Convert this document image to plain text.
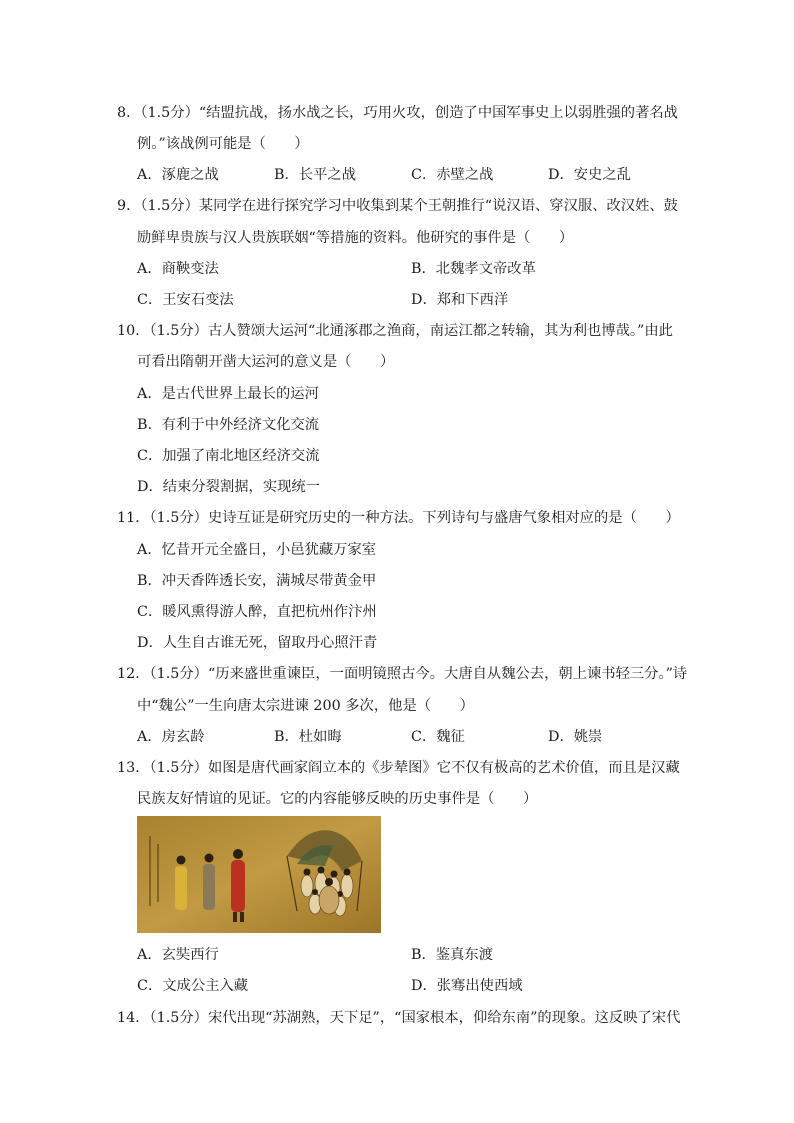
8．（1.5分）“结盟抗战，扬水战之长，巧用火攻，创造了中国军事史上以弱胜强的著名战
例。”该战例可能是（　　）
A．涿鹿之战	B．长平之战	C．赤壁之战	D．安史之乱
9．（1.5分）某同学在进行探究学习中收集到某个王朝推行“说汉语、穿汉服、改汉姓、鼓
励鲜卑贵族与汉人贵族联姻“等措施的资料。他研究的事件是（　　）
A．商鞅变法	B．北魏孝文帝改革
C．王安石变法	D．郑和下西洋
10．（1.5分）古人赞颂大运河“北通涿郡之渔商，南运江都之转输，其为利也博哉。”由此
可看出隋朝开凿大运河的意义是（　　）
A．是古代世界上最长的运河
B．有利于中外经济文化交流
C．加强了南北地区经济交流
D．结束分裂割据，实现统一
11．（1.5分）史诗互证是研究历史的一种方法。下列诗句与盛唐气象相对应的是（　　）
A．忆昔开元全盛日，小邑犹藏万家室
B．冲天香阵透长安，满城尽带黄金甲
C．暖风熏得游人醉，直把杭州作汴州
D．人生自古谁无死，留取丹心照汗青
12．（1.5分）“历来盛世重谏臣，一面明镜照古今。大唐自从魏公去，朝上谏书轻三分。”诗
中“魏公”一生向唐太宗进谏 200 多次，他是（　　）
A．房玄龄	B．杜如晦	C．魏征	D．姚崇
13．（1.5分）如图是唐代画家阎立本的《步辇图》它不仅有极高的艺术价值，而且是汉藏
民族友好情谊的见证。它的内容能够反映的历史事件是（　　）
A．玄奘西行	B．鉴真东渡
C．文成公主入藏	D．张骞出使西域
14．（1.5分）宋代出现“苏湖熟，天下足”，“国家根本，仰给东南”的现象。这反映了宋代
